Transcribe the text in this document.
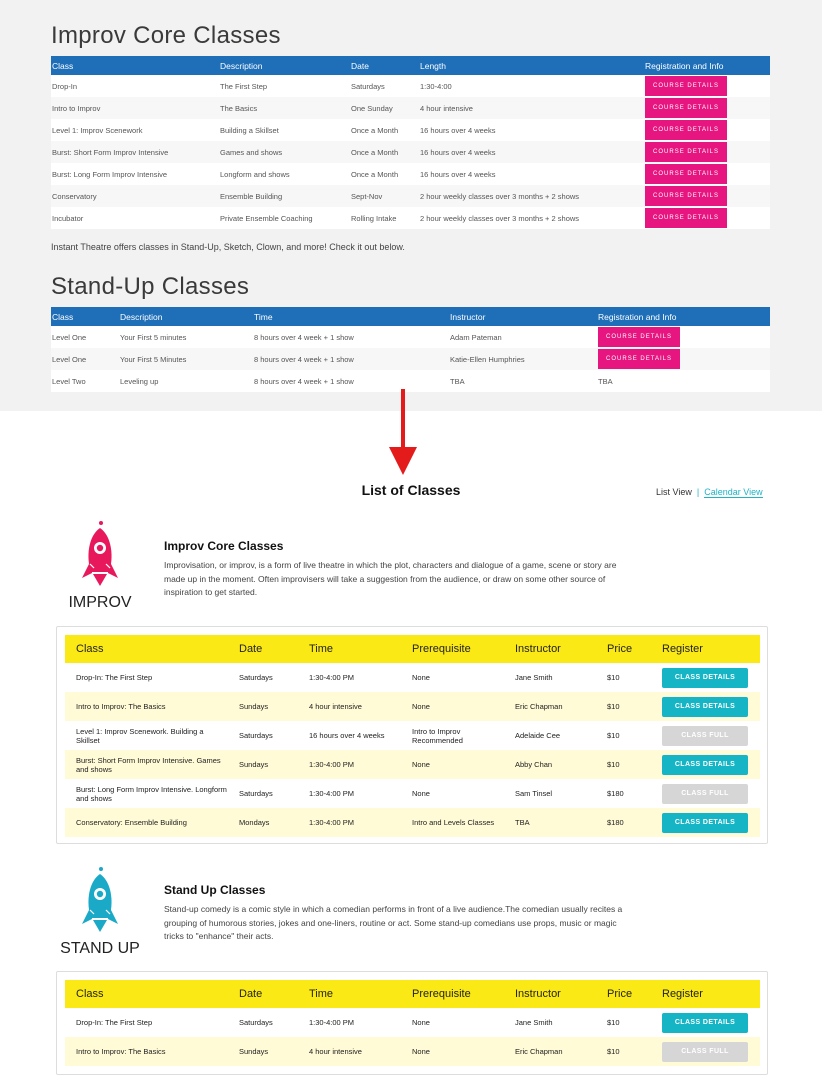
Improv Core Classes
Class	Description	Date	Length	Registration and Info
Drop-In	The First Step	Saturdays	1:30-4:00	COURSE DETAILS
Intro to Improv	The Basics	One Sunday	4 hour intensive	COURSE DETAILS
Level 1: Improv Scenework	Building a Skillset	Once a Month	16 hours over 4 weeks	COURSE DETAILS
Burst: Short Form Improv Intensive	Games and shows	Once a Month	16 hours over 4 weeks	COURSE DETAILS
Burst: Long Form Improv Intensive	Longform and shows	Once a Month	16 hours over 4 weeks	COURSE DETAILS
Conservatory	Ensemble Building	Sept-Nov	2 hour weekly classes over 3 months + 2 shows	COURSE DETAILS
Incubator	Private Ensemble Coaching	Rolling Intake	2 hour weekly classes over 3 months + 2 shows	COURSE DETAILS

Instant Theatre offers classes in Stand-Up, Sketch, Clown, and more! Check it out below.

Stand-Up Classes
Class	Description	Time	Instructor	Registration and Info
Level One	Your First 5 minutes	8 hours over 4 week + 1 show	Adam Pateman	COURSE DETAILS
Level One	Your First 5 Minutes	8 hours over 4 week + 1 show	Katie-Ellen Humphries	COURSE DETAILS
Level Two	Leveling up	8 hours over 4 week + 1 show	TBA	TBA
List of Classes	List View | Calendar View
IMPROV
Improv Core Classes

Improvisation, or improv, is a form of live theatre in which the plot, characters and dialogue of a game, scene or story are made up in the moment. Often improvisers will take a suggestion from the audience, or draw on some other source of inspiration to get started.

Class	Date	Time	Prerequisite	Instructor	Price	Register
Drop-In: The First Step	Saturdays	1:30-4:00 PM	None	Jane Smith	$10	CLASS DETAILS
Intro to Improv: The Basics	Sundays	4 hour intensive	None	Eric Chapman	$10	CLASS DETAILS
Level 1: Improv Scenework. Building a Skillset	Saturdays	16 hours over 4 weeks	Intro to Improv Recommended	Adelaide Cee	$10	CLASS FULL
Burst: Short Form Improv Intensive. Games and shows	Sundays	1:30-4:00 PM	None	Abby Chan	$10	CLASS DETAILS
Burst: Long Form Improv Intensive. Longform and shows	Saturdays	1:30-4:00 PM	None	Sam Tinsel	$180	CLASS FULL
Conservatory: Ensemble Building	Mondays	1:30-4:00 PM	Intro and Levels Classes	TBA	$180	CLASS DETAILS
STAND UP
Stand Up Classes

Stand-up comedy is a comic style in which a comedian performs in front of a live audience.The comedian usually recites a grouping of humorous stories, jokes and one-liners, routine or act. Some stand-up comedians use props, music or magic tricks to "enhance" their acts.

Class	Date	Time	Prerequisite	Instructor	Price	Register
Drop-In: The First Step	Saturdays	1:30-4:00 PM	None	Jane Smith	$10	CLASS DETAILS
Intro to Improv: The Basics	Sundays	4 hour intensive	None	Eric Chapman	$10	CLASS FULL
